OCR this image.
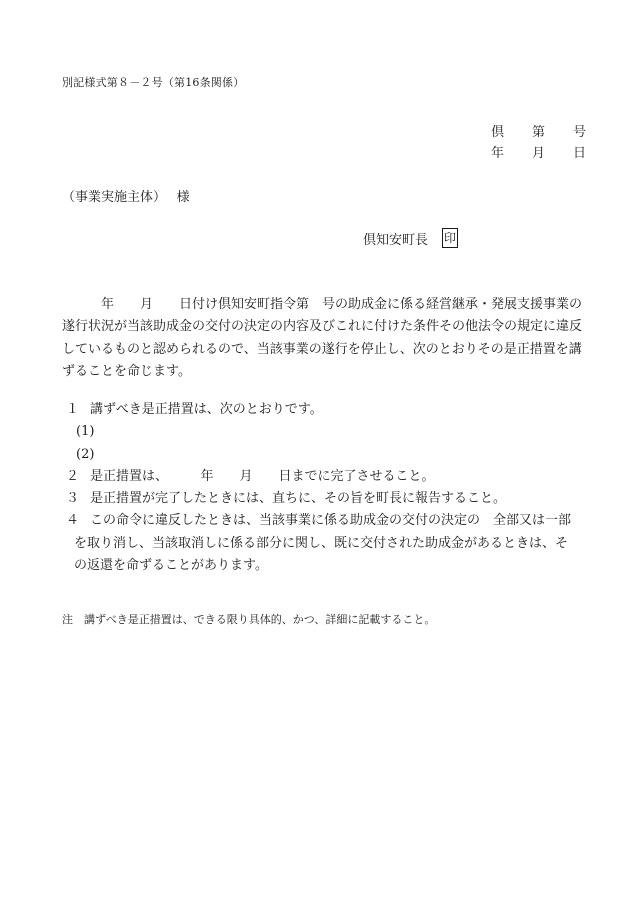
別記様式第８－２号（第16条関係）
倶 第 号
年 月 日
（事業実施主体）　 様
倶知安町長 印
　　　年　　月　　日付け倶知安町指令第　号の助成金に係る経営継承・発展支援事業の遂行状況が当該助成金の交付の決定の内容及びこれに付けた条件その他法令の規定に違反しているものと認められるので、当該事業の遂行を停止し、次のとおりその是正措置を講ずることを命じます。
１ 講ずべき是正措置は、次のとおりです。
(1)
(2)
２ 是正措置は、　　　年　　月　　日までに完了させること。
３ 是正措置が完了したときには、直ちに、その旨を町長に報告すること。
４ この命令に違反したときは、当該事業に係る助成金の交付の決定の　全部又は一部
を取り消し、当該取消しに係る部分に関し、既に交付された助成金があるときは、そ
の返還を命ずることがあります。
注　講ずべき是正措置は、できる限り具体的、かつ、詳細に記載すること。
